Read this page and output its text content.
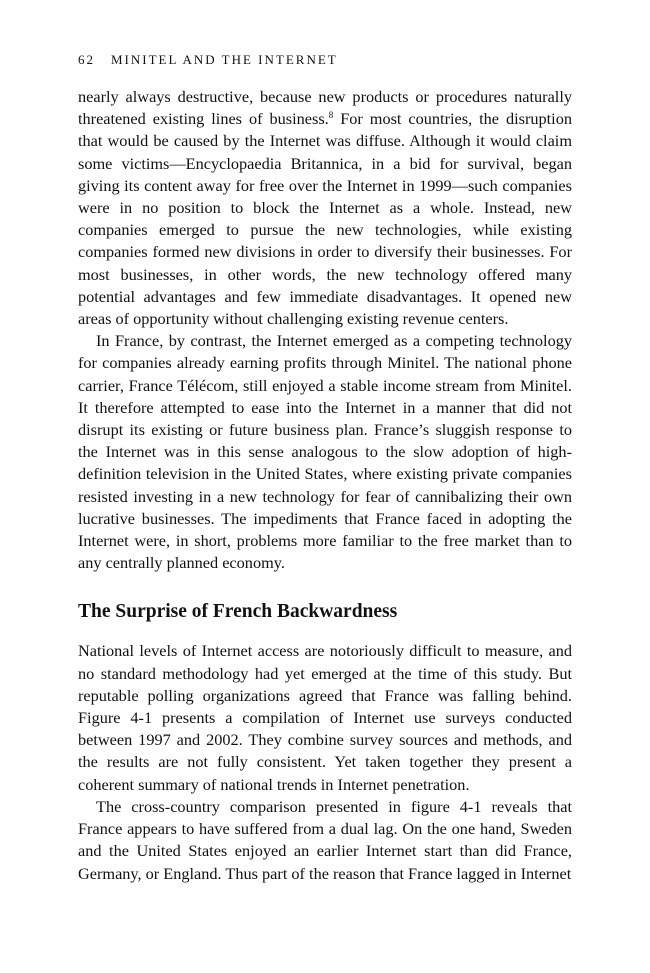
62 MINITEL AND THE INTERNET

nearly always destructive, because new products or procedures naturally threatened existing lines of business.$^8$ For most countries, the disruption that would be caused by the Internet was diffuse. Although it would claim some victims—Encyclopaedia Britannica, in a bid for survival, began giving its content away for free over the Internet in 1999—such companies were in no position to block the Internet as a whole. Instead, new companies emerged to pursue the new technologies, while existing companies formed new divisions in order to diversify their businesses. For most businesses, in other words, the new technology offered many potential advantages and few immediate disadvantages. It opened new areas of opportunity without challenging existing revenue centers.

In France, by contrast, the Internet emerged as a competing technology for companies already earning profits through Minitel. The national phone carrier, France Télécom, still enjoyed a stable income stream from Minitel. It therefore attempted to ease into the Internet in a manner that did not disrupt its existing or future business plan. France’s sluggish response to the Internet was in this sense analogous to the slow adoption of high-definition television in the United States, where existing private companies resisted investing in a new technology for fear of cannibalizing their own lucrative businesses. The impediments that France faced in adopting the Internet were, in short, problems more familiar to the free market than to any centrally planned economy.

The Surprise of French Backwardness

National levels of Internet access are notoriously difficult to measure, and no standard methodology had yet emerged at the time of this study. But reputable polling organizations agreed that France was falling behind. Figure 4-1 presents a compilation of Internet use surveys conducted between 1997 and 2002. They combine survey sources and methods, and the results are not fully consistent. Yet taken together they present a coherent summary of national trends in Internet penetration.

The cross-country comparison presented in figure 4-1 reveals that France appears to have suffered from a dual lag. On the one hand, Sweden and the United States enjoyed an earlier Internet start than did France, Germany, or England. Thus part of the reason that France lagged in Internet
